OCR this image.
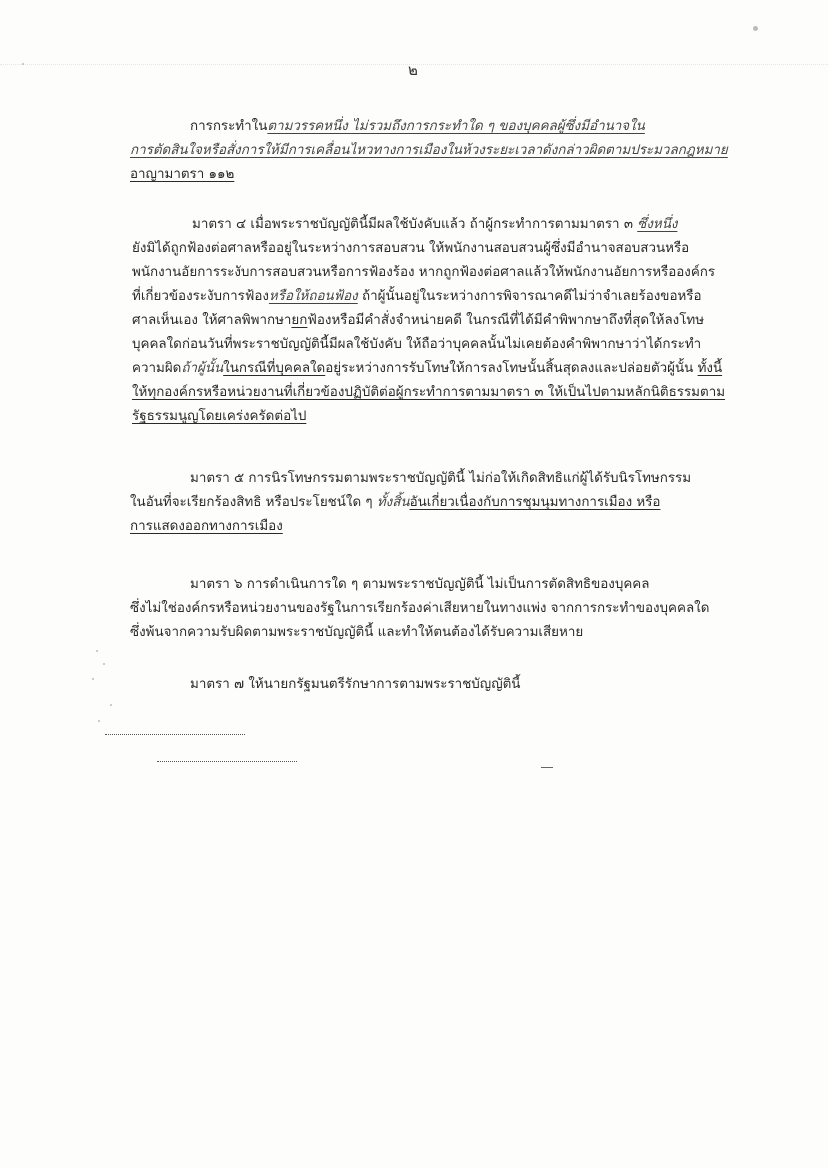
๒
การกระทำในตามวรรคหนึ่ง ไม่รวมถึงการกระทำใด ๆ ของบุคคลผู้ซึ่งมีอำนาจใน
การตัดสินใจหรือสั่งการให้มีการเคลื่อนไหวทางการเมืองในห้วงระยะเวลาดังกล่าวผิดตามประมวลกฎหมาย
อาญามาตรา ๑๑๒
มาตรา ๔ เมื่อพระราชบัญญัตินี้มีผลใช้บังคับแล้ว ถ้าผู้กระทำการตามมาตรา ๓ ซึ่งหนึ่ง
ยังมิได้ถูกฟ้องต่อศาลหรืออยู่ในระหว่างการสอบสวน ให้พนักงานสอบสวนผู้ซึ่งมีอำนาจสอบสวนหรือ
พนักงานอัยการระงับการสอบสวนหรือการฟ้องร้อง หากถูกฟ้องต่อศาลแล้วให้พนักงานอัยการหรือองค์กร
ที่เกี่ยวข้องระงับการฟ้องหรือให้ถอนฟ้อง ถ้าผู้นั้นอยู่ในระหว่างการพิจารณาคดีไม่ว่าจำเลยร้องขอหรือ
ศาลเห็นเอง ให้ศาลพิพากษายกฟ้องหรือมีคำสั่งจำหน่ายคดี ในกรณีที่ได้มีคำพิพากษาถึงที่สุดให้ลงโทษ
บุคคลใดก่อนวันที่พระราชบัญญัตินี้มีผลใช้บังคับ ให้ถือว่าบุคคลนั้นไม่เคยต้องคำพิพากษาว่าได้กระทำ
ความผิดถ้าผู้นั้นในกรณีที่บุคคลใดอยู่ระหว่างการรับโทษให้การลงโทษนั้นสิ้นสุดลงและปล่อยตัวผู้นั้น ทั้งนี้
ให้ทุกองค์กรหรือหน่วยงานที่เกี่ยวข้องปฏิบัติต่อผู้กระทำการตามมาตรา ๓ ให้เป็นไปตามหลักนิติธรรมตาม
รัฐธรรมนูญโดยเคร่งครัดต่อไป
มาตรา ๕ การนิรโทษกรรมตามพระราชบัญญัตินี้ ไม่ก่อให้เกิดสิทธิแก่ผู้ได้รับนิรโทษกรรม
ในอันที่จะเรียกร้องสิทธิ หรือประโยชน์ใด ๆ ทั้งสิ้นอันเกี่ยวเนื่องกับการชุมนุมทางการเมือง หรือ
การแสดงออกทางการเมือง
มาตรา ๖ การดำเนินการใด ๆ ตามพระราชบัญญัตินี้ ไม่เป็นการตัดสิทธิของบุคคล
ซึ่งไม่ใช่องค์กรหรือหน่วยงานของรัฐในการเรียกร้องค่าเสียหายในทางแพ่ง จากการกระทำของบุคคลใด
ซึ่งพ้นจากความรับผิดตามพระราชบัญญัตินี้ และทำให้ตนต้องได้รับความเสียหาย
มาตรา ๗ ให้นายกรัฐมนตรีรักษาการตามพระราชบัญญัตินี้
